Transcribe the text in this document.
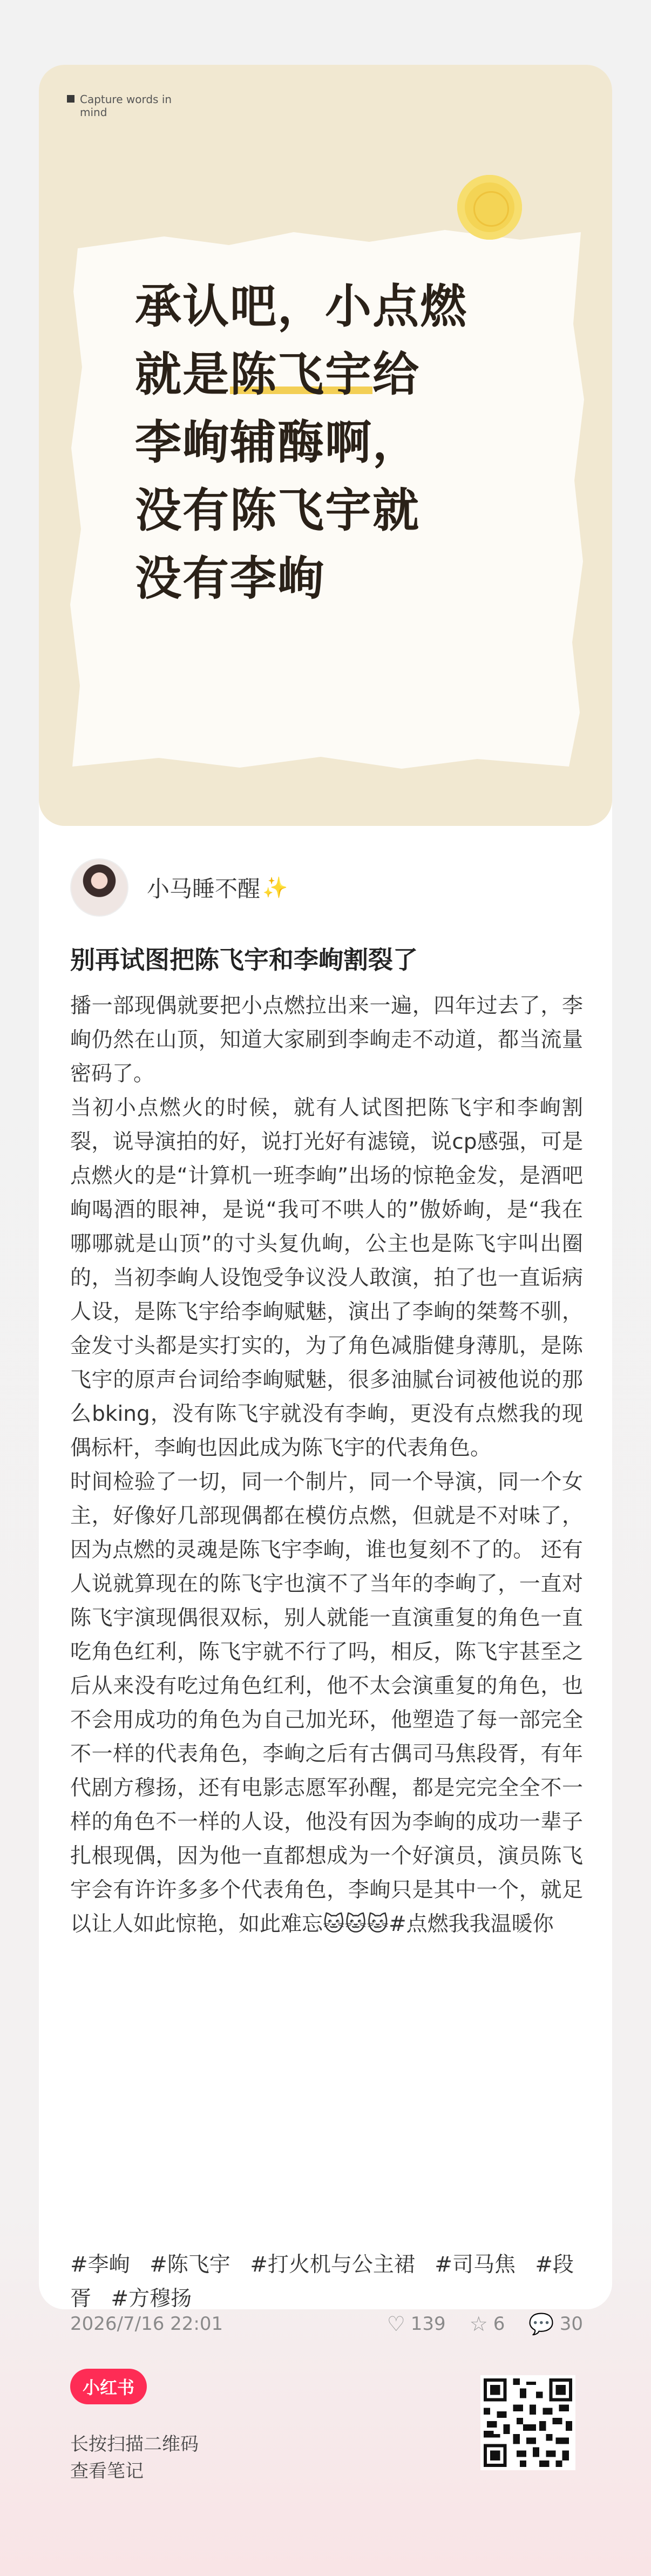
Capture words in mind
承认吧，小点燃
就是陈飞宇给
李峋辅酶啊，
没有陈飞宇就
没有李峋
小马睡不醒 ✨
别再试图把陈飞宇和李峋割裂了

播一部现偶就要把小点燃拉出来一遍，四年过去了，李峋仍然在山顶，知道大家刷到李峋走不动道，都当流量密码了。

当初小点燃火的时候，就有人试图把陈飞宇和李峋割裂，说导演拍的好，说打光好有滤镜，说cp感强，可是点燃火的是“计算机一班李峋”出场的惊艳金发，是酒吧峋喝酒的眼神，是说“我可不哄人的”傲娇峋，是“我在哪哪就是山顶”的寸头复仇峋，公主也是陈飞宇叫出圈的，当初李峋人设饱受争议没人敢演，拍了也一直诟病人设，是陈飞宇给李峋赋魅，演出了李峋的桀骜不驯，金发寸头都是实打实的，为了角色减脂健身薄肌，是陈飞宇的原声台词给李峋赋魅，很多油腻台词被他说的那么bking，没有陈飞宇就没有李峋，更没有点燃我的现偶标杆，李峋也因此成为陈飞宇的代表角色。

时间检验了一切，同一个制片，同一个导演，同一个女主，好像好几部现偶都在模仿点燃，但就是不对味了，因为点燃的灵魂是陈飞宇李峋，谁也复刻不了的。 还有人说就算现在的陈飞宇也演不了当年的李峋了，一直对陈飞宇演现偶很双标，别人就能一直演重复的角色一直吃角色红利，陈飞宇就不行了吗，相反，陈飞宇甚至之后从来没有吃过角色红利，他不太会演重复的角色，也不会用成功的角色为自己加光环，他塑造了每一部完全不一样的代表角色，李峋之后有古偶司马焦段胥，有年代剧方穆扬，还有电影志愿军孙醒，都是完完全全不一样的角色不一样的人设，他没有因为李峋的成功一辈子扎根现偶，因为他一直都想成为一个好演员，演员陈飞宇会有许许多多个代表角色，李峋只是其中一个，就足以让人如此惊艳，如此难忘🐱🐱🐱#点燃我我温暖你

#李峋 #陈飞宇 #打火机与公主裙 #司马焦 #段胥 #方穆扬
2026/7/16 22:01	♡ 139 ☆ 6 💬 30
小红书
长按扫描二维码
查看笔记
